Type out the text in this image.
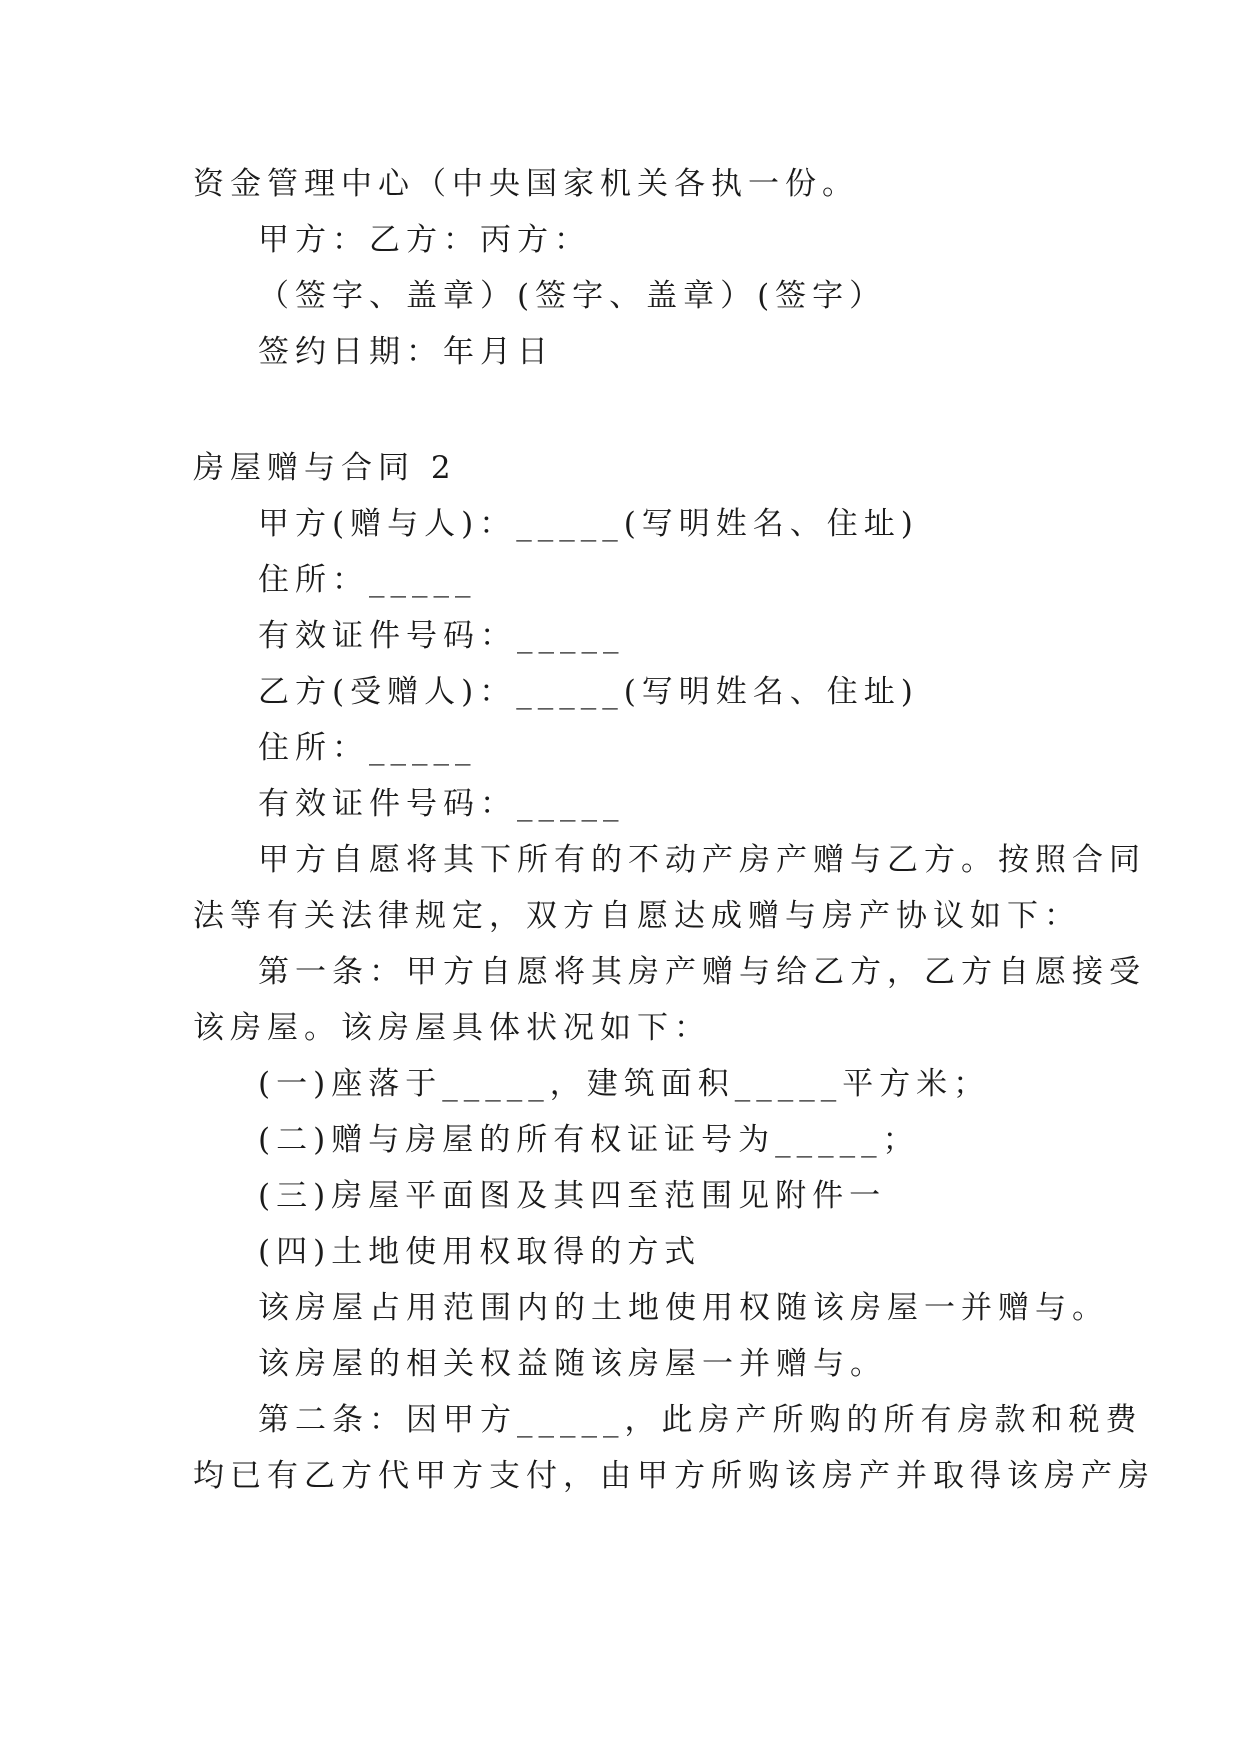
资金管理中心（中央国家机关各执一份。
甲方：乙方：丙方：
（签字、盖章）(签字、盖章）(签字）
签约日期：年月日
房屋赠与合同 2
甲方(赠与人)：_____(写明姓名、住址)
住所：_____
有效证件号码：_____
乙方(受赠人)：_____(写明姓名、住址)
住所：_____
有效证件号码：_____
甲方自愿将其下所有的不动产房产赠与乙方。按照合同
法等有关法律规定，双方自愿达成赠与房产协议如下：
第一条：甲方自愿将其房产赠与给乙方，乙方自愿接受
该房屋。该房屋具体状况如下：
(一)座落于_____，建筑面积_____平方米；
(二)赠与房屋的所有权证证号为_____；
(三)房屋平面图及其四至范围见附件一
(四)土地使用权取得的方式
该房屋占用范围内的土地使用权随该房屋一并赠与。
该房屋的相关权益随该房屋一并赠与。
第二条：因甲方_____，此房产所购的所有房款和税费
均已有乙方代甲方支付，由甲方所购该房产并取得该房产房
